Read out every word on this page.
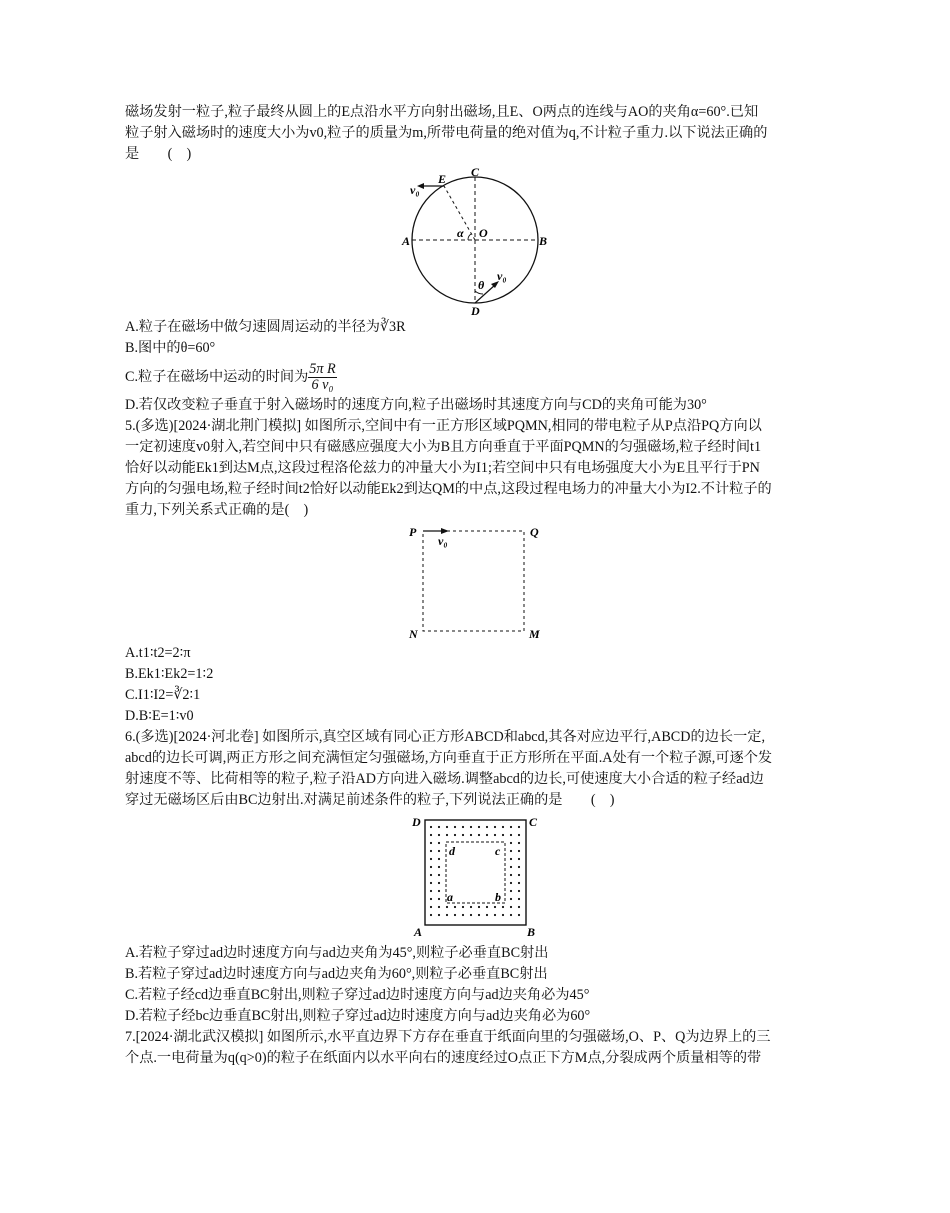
磁场发射一粒子,粒子最终从圆上的E点沿水平方向射出磁场,且E、O两点的连线与AO的夹角α=60°.已知

粒子射入磁场时的速度大小为v0,粒子的质量为m,所带电荷量的绝对值为q,不计粒子重力.以下说法正确的

是　　(　)

C
E
v₀
A
O
α
B
θ
v₀
D

A.粒子在磁场中做匀速圆周运动的半径为∛3R

B.图中的θ=60°

C.粒子在磁场中运动的时间为 $\frac{\text{5π R}}{\text{6 v₀}}$

D.若仅改变粒子垂直于射入磁场时的速度方向,粒子出磁场时其速度方向与CD的夹角可能为30°

5.(多选)[2024·湖北荆门模拟] 如图所示,空间中有一正方形区域PQMN,相同的带电粒子从P点沿PQ方向以

一定初速度v0射入,若空间中只有磁感应强度大小为B且方向垂直于平面PQMN的匀强磁场,粒子经时间t1

恰好以动能Ek1到达M点,这段过程洛伦兹力的冲量大小为I1;若空间中只有电场强度大小为E且平行于PN

方向的匀强电场,粒子经时间t2恰好以动能Ek2到达QM的中点,这段过程电场力的冲量大小为I2.不计粒子的

重力,下列关系式正确的是(　)

P	Q
N	M
v₀

A.t1∶t2=2∶π

B.Ek1∶Ek2=1∶2

C.I1∶I2=∛2∶1

D.B∶E=1∶v0

6.(多选)[2024·河北卷] 如图所示,真空区域有同心正方形ABCD和abcd,其各对应边平行,ABCD的边长一定,

abcd的边长可调,两正方形之间充满恒定匀强磁场,方向垂直于正方形所在平面.A处有一个粒子源,可逐个发

射速度不等、比荷相等的粒子,粒子沿AD方向进入磁场.调整abcd的边长,可使速度大小合适的粒子经ad边

穿过无磁场区后由BC边射出.对满足前述条件的粒子,下列说法正确的是　　(　)

D	C
d	c
a	b
A	B

A.若粒子穿过ad边时速度方向与ad边夹角为45°,则粒子必垂直BC射出

B.若粒子穿过ad边时速度方向与ad边夹角为60°,则粒子必垂直BC射出

C.若粒子经cd边垂直BC射出,则粒子穿过ad边时速度方向与ad边夹角必为45°

D.若粒子经bc边垂直BC射出,则粒子穿过ad边时速度方向与ad边夹角必为60°

7.[2024·湖北武汉模拟] 如图所示,水平直边界下方存在垂直于纸面向里的匀强磁场,O、P、Q为边界上的三

个点.一电荷量为q(q>0)的粒子在纸面内以水平向右的速度经过O点正下方M点,分裂成两个质量相等的带
